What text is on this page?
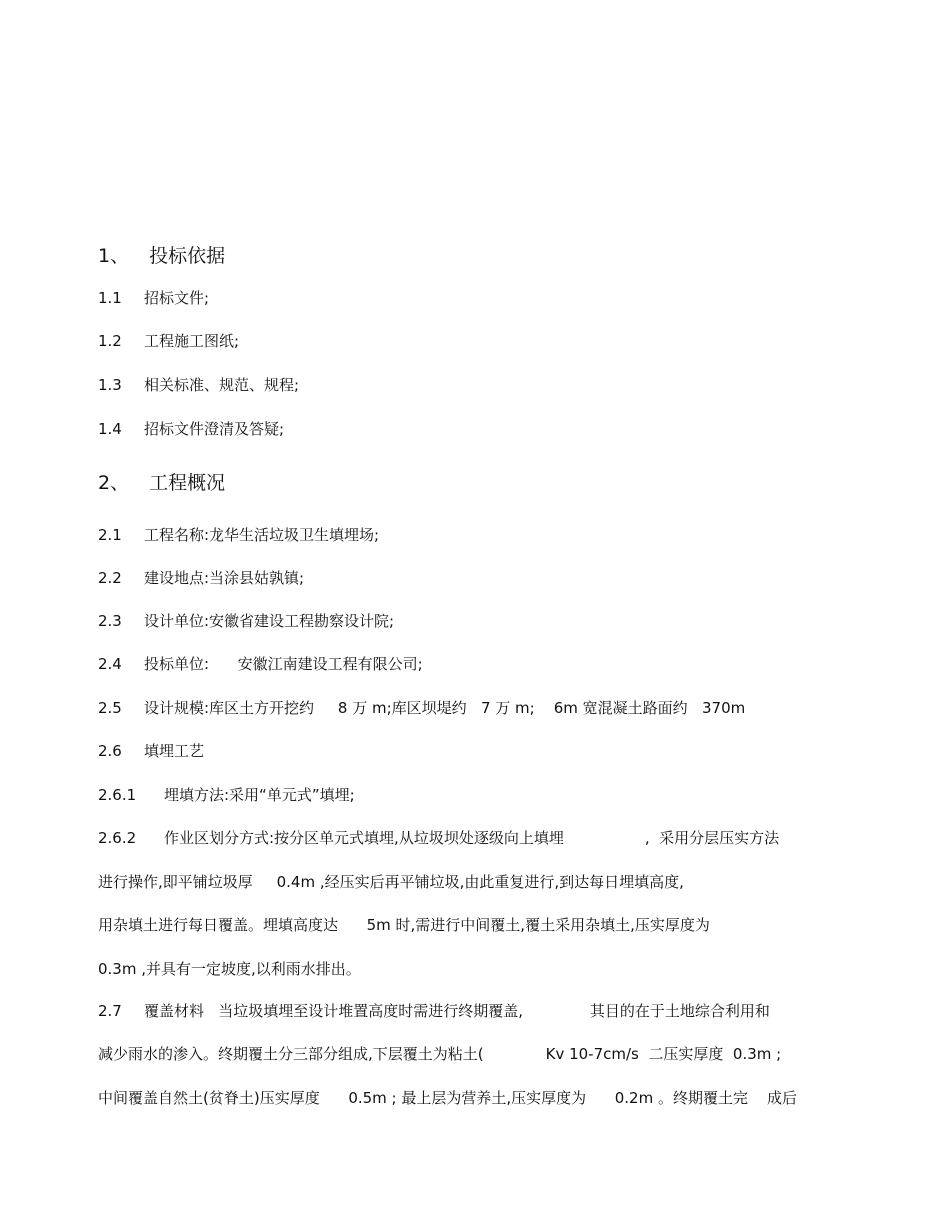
1、 投标依据
1.1 招标文件;
1.2 工程施工图纸;
1.3 相关标准、规范、规程;
1.4 招标文件澄清及答疑;
2、 工程概况
2.1 工程名称:龙华生活垃圾卫生填埋场;
2.2 建设地点:当涂县姑孰镇;
2.3 设计单位:安徽省建设工程勘察设计院;
2.4 投标单位:      安徽江南建设工程有限公司;
2.5 设计规模:库区土方开挖约     8 万 m;库区坝堤约   7 万 m;    6m 宽混凝土路面约   370m
2.6 填埋工艺
2.6.1 埋填方法:采用“单元式”填埋;
2.6.2 作业区划分方式:按分区单元式填埋,从垃圾坝处逐级向上填埋                 ,  采用分层压实方法
进行操作,即平铺垃圾厚     0.4m ,经压实后再平铺垃圾,由此重复进行,到达每日埋填高度,
用杂填土进行每日覆盖。埋填高度达      5m 时,需进行中间覆土,覆土采用杂填土,压实厚度为
0.3m ,并具有一定坡度,以利雨水排出。
2.7 覆盖材料   当垃圾填埋至设计堆置高度时需进行终期覆盖,              其目的在于土地综合利用和
减少雨水的渗入。终期覆土分三部分组成,下层覆土为粘土(             Kv 10-7cm/s  二压实厚度  0.3m ;
中间覆盖自然土(贫脊土)压实厚度      0.5m ; 最上层为营养土,压实厚度为      0.2m 。终期覆土完    成后
